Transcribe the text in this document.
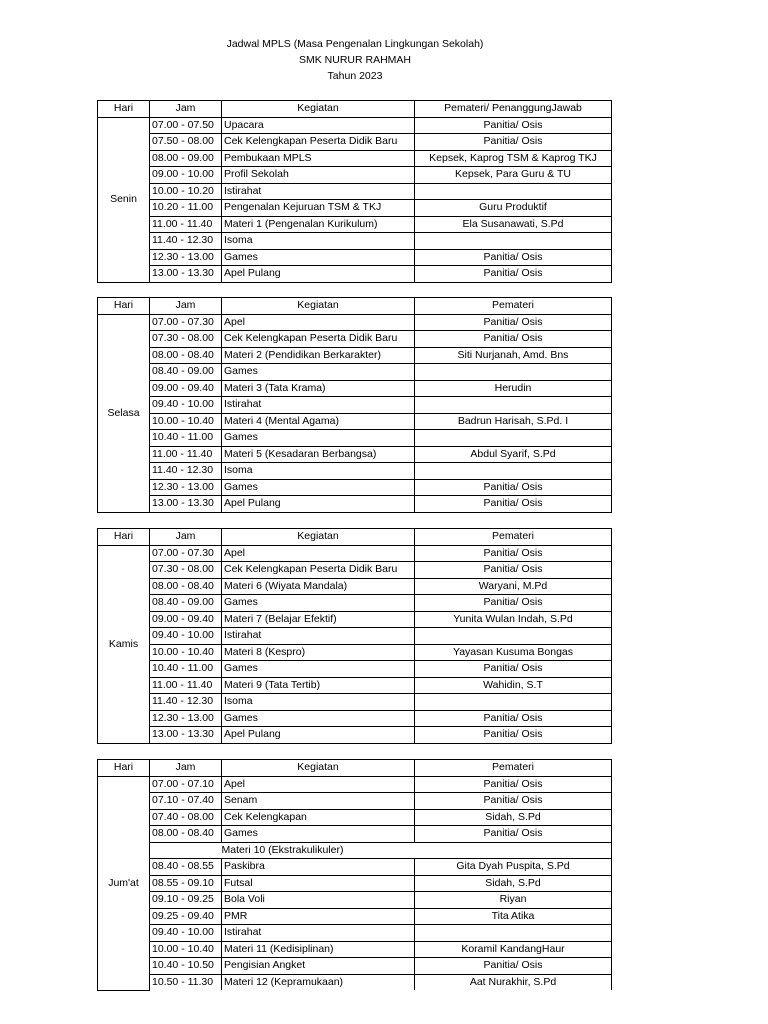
Jadwal MPLS (Masa Pengenalan Lingkungan Sekolah)
SMK NURUR RAHMAH
Tahun 2023
Hari	Jam	Kegiatan	Pemateri/ PenanggungJawab
Senin	07.00 - 07.50	Upacara	Panitia/ Osis
	07.50 - 08.00	Cek Kelengkapan Peserta Didik Baru	Panitia/ Osis
	08.00 - 09.00	Pembukaan MPLS	Kepsek, Kaprog TSM & Kaprog TKJ
	09.00 - 10.00	Profil Sekolah	Kepsek, Para Guru & TU
	10.00 - 10.20	Istirahat	
	10.20 - 11.00	Pengenalan Kejuruan TSM & TKJ	Guru Produktif
	11.00 - 11.40	Materi 1 (Pengenalan Kurikulum)	Ela Susanawati, S.Pd
	11.40 - 12.30	Isoma	
	12.30 - 13.00	Games	Panitia/ Osis
	13.00 - 13.30	Apel Pulang	Panitia/ Osis
Hari	Jam	Kegiatan	Pemateri
Selasa	07.00 - 07.30	Apel	Panitia/ Osis
	07.30 - 08.00	Cek Kelengkapan Peserta Didik Baru	Panitia/ Osis
	08.00 - 08.40	Materi 2 (Pendidikan Berkarakter)	Siti Nurjanah, Amd. Bns
	08.40 - 09.00	Games	
	09.00 - 09.40	Materi 3 (Tata Krama)	Herudin
	09.40 - 10.00	Istirahat	
	10.00 - 10.40	Materi 4 (Mental Agama)	Badrun Harisah, S.Pd. I
	10.40 - 11.00	Games	
	11.00 - 11.40	Materi 5 (Kesadaran Berbangsa)	Abdul Syarif, S.Pd
	11.40 - 12.30	Isoma	
	12.30 - 13.00	Games	Panitia/ Osis
	13.00 - 13.30	Apel Pulang	Panitia/ Osis
Hari	Jam	Kegiatan	Pemateri
Kamis	07.00 - 07.30	Apel	Panitia/ Osis
	07.30 - 08.00	Cek Kelengkapan Peserta Didik Baru	Panitia/ Osis
	08.00 - 08.40	Materi 6 (Wiyata Mandala)	Waryani, M.Pd
	08.40 - 09.00	Games	Panitia/ Osis
	09.00 - 09.40	Materi 7 (Belajar Efektif)	Yunita Wulan Indah, S.Pd
	09.40 - 10.00	Istirahat	
	10.00 - 10.40	Materi 8 (Kespro)	Yayasan Kusuma Bongas
	10.40 - 11.00	Games	Panitia/ Osis
	11.00 - 11.40	Materi 9 (Tata Tertib)	Wahidin, S.T
	11.40 - 12.30	Isoma	
	12.30 - 13.00	Games	Panitia/ Osis
	13.00 - 13.30	Apel Pulang	Panitia/ Osis
Hari	Jam	Kegiatan	Pemateri
Jum'at	07.00 - 07.10	Apel	Panitia/ Osis
	07.10 - 07.40	Senam	Panitia/ Osis
	07.40 - 08.00	Cek Kelengkapan	Sidah, S.Pd
	08.00 - 08.40	Games	Panitia/ Osis
		Materi 10 (Ekstrakulikuler)	
	08.40 - 08.55	Paskibra	Gita Dyah Puspita, S.Pd
	08.55 - 09.10	Futsal	Sidah, S.Pd
	09.10 - 09.25	Bola Voli	Riyan
	09.25 - 09.40	PMR	Tita Atika
	09.40 - 10.00	Istirahat	
	10.00 - 10.40	Materi 11 (Kedisiplinan)	Koramil KandangHaur
	10.40 - 10.50	Pengisian Angket	Panitia/ Osis
	10.50 - 11.30	Materi 12 (Kepramukaan)	Aat Nurakhir, S.Pd
